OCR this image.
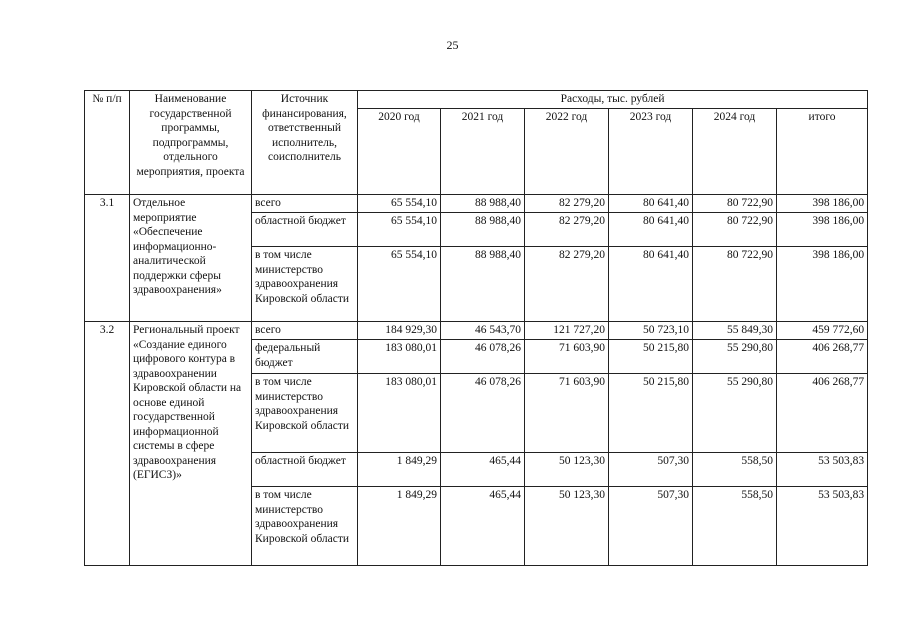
25
№ п/п	Наименование государственной программы, подпрограммы, отдельного мероприятия, проекта	Источник финансирования, ответственный исполнитель, соисполнитель	Расходы, тыс. рублей					
			2020 год	2021 год	2022 год	2023 год	2024 год	итого
3.1	Отдельное мероприятие «Обеспечение информационно-аналитической поддержки сферы здравоохранения»	всего	65 554,10	88 988,40	82 279,20	80 641,40	80 722,90	398 186,00
		областной бюджет	65 554,10	88 988,40	82 279,20	80 641,40	80 722,90	398 186,00
		в том числе министерство здравоохранения Кировской области	65 554,10	88 988,40	82 279,20	80 641,40	80 722,90	398 186,00
3.2	Региональный проект «Создание единого цифрового контура в здравоохранении Кировской области на основе единой государственной информационной системы в сфере здравоохранения (ЕГИСЗ)»	всего	184 929,30	46 543,70	121 727,20	50 723,10	55 849,30	459 772,60
		федеральный бюджет	183 080,01	46 078,26	71 603,90	50 215,80	55 290,80	406 268,77
		в том числе министерство здравоохранения Кировской области	183 080,01	46 078,26	71 603,90	50 215,80	55 290,80	406 268,77
		областной бюджет	1 849,29	465,44	50 123,30	507,30	558,50	53 503,83
		в том числе министерство здравоохранения Кировской области	1 849,29	465,44	50 123,30	507,30	558,50	53 503,83
